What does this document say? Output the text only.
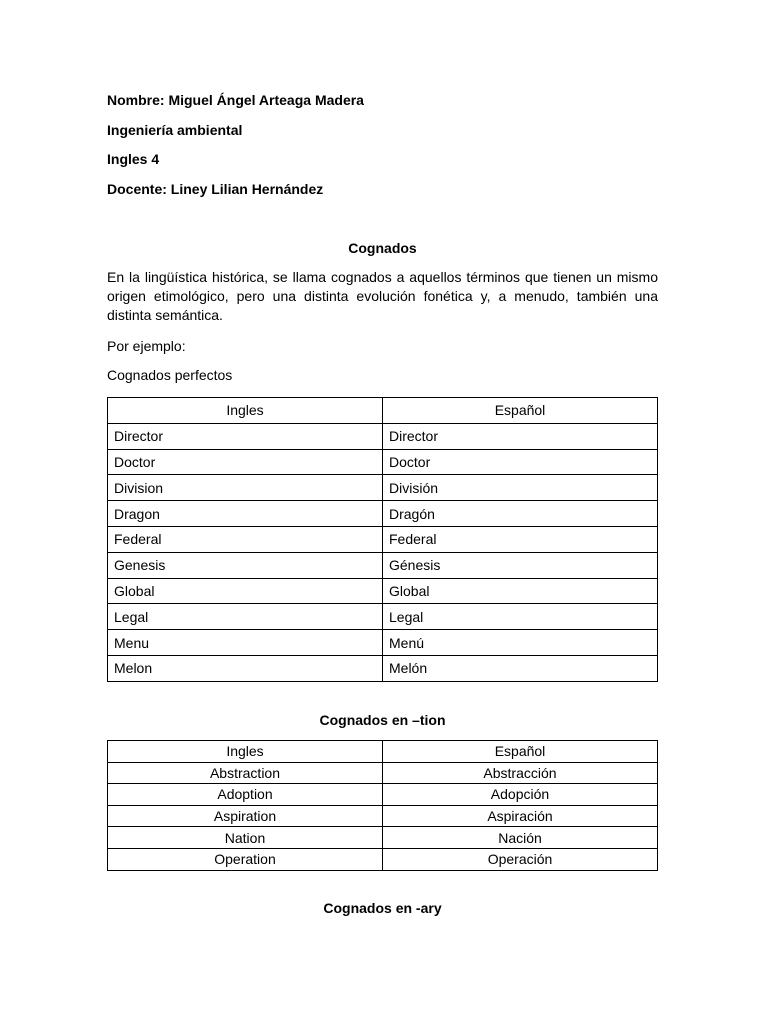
Nombre: Miguel Ángel Arteaga Madera
Ingeniería ambiental
Ingles 4
Docente: Liney Lilian Hernández
Cognados
En la lingüística histórica, se llama cognados a aquellos términos que tienen un mismo origen etimológico, pero una distinta evolución fonética y, a menudo, también una distinta semántica.
Por ejemplo:
Cognados perfectos
Ingles	Español
Director	Director
Doctor	Doctor
Division	División
Dragon	Dragón
Federal	Federal
Genesis	Génesis
Global	Global
Legal	Legal
Menu	Menú
Melon	Melón
Cognados en –tion
Ingles	Español
Abstraction	Abstracción
Adoption	Adopción
Aspiration	Aspiración
Nation	Nación
Operation	Operación
Cognados en -ary
